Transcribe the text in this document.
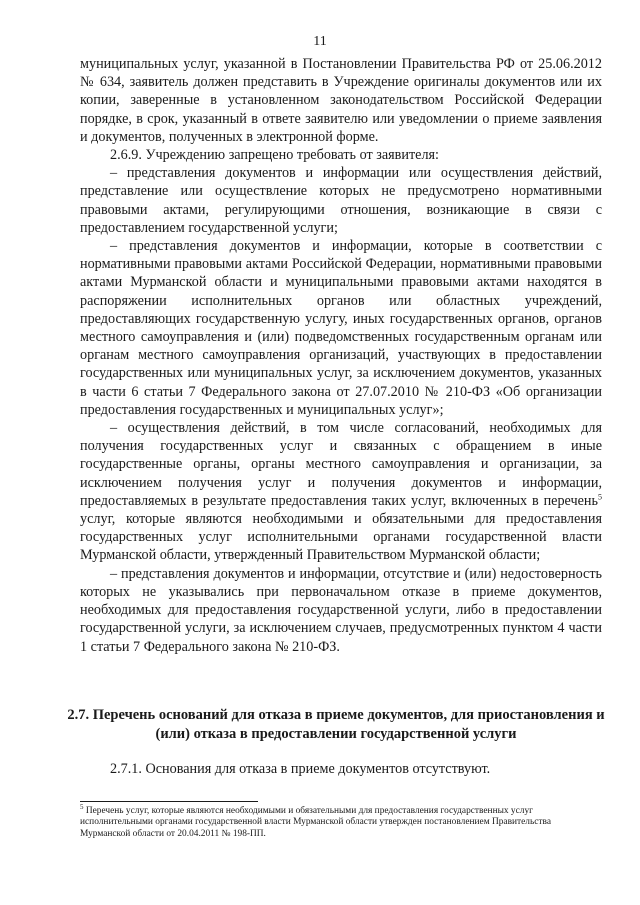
11

муниципальных услуг, указанной в Постановлении Правительства РФ от 25.06.2012 № 634, заявитель должен представить в Учреждение оригиналы документов или их копии, заверенные в установленном законодательством Российской Федерации порядке, в срок, указанный в ответе заявителю или уведомлении о приеме заявления и документов, полученных в электронной форме.

2.6.9. Учреждению запрещено требовать от заявителя:

– представления документов и информации или осуществления действий, представление или осуществление которых не предусмотрено нормативными правовыми актами, регулирующими отношения, возникающие в связи с предоставлением государственной услуги;

– представления документов и информации, которые в соответствии с нормативными правовыми актами Российской Федерации, нормативными правовыми актами Мурманской области и муниципальными правовыми актами находятся в распоряжении исполнительных органов или областных учреждений, предоставляющих государственную услугу, иных государственных органов, органов местного самоуправления и (или) подведомственных государственным органам или органам местного самоуправления организаций, участвующих в предоставлении государственных или муниципальных услуг, за исключением документов, указанных в части 6 статьи 7 Федерального закона от 27.07.2010 № 210-ФЗ «Об организации предоставления государственных и муниципальных услуг»;

– осуществления действий, в том числе согласований, необходимых для получения государственных услуг и связанных с обращением в иные государственные органы, органы местного самоуправления и организации, за исключением получения услуг и получения документов и информации, предоставляемых в результате предоставления таких услуг, включенных в перечень$^5$ услуг, которые являются необходимыми и обязательными для предоставления государственных услуг исполнительными органами государственной власти Мурманской области, утвержденный Правительством Мурманской области;

– представления документов и информации, отсутствие и (или) недостоверность которых не указывались при первоначальном отказе в приеме документов, необходимых для предоставления государственной услуги, либо в предоставлении государственной услуги, за исключением случаев, предусмотренных пунктом 4 части 1 статьи 7 Федерального закона № 210-ФЗ.

2.7. Перечень оснований для отказа в приеме документов, для приостановления и (или) отказа в предоставлении государственной услуги
2.7.1. Основания для отказа в приеме документов отсутствуют.
$^5$ Перечень услуг, которые являются необходимыми и обязательными для предоставления государственных услуг исполнительными органами государственной власти Мурманской области утвержден постановлением Правительства Мурманской области от 20.04.2011 № 198-ПП.
